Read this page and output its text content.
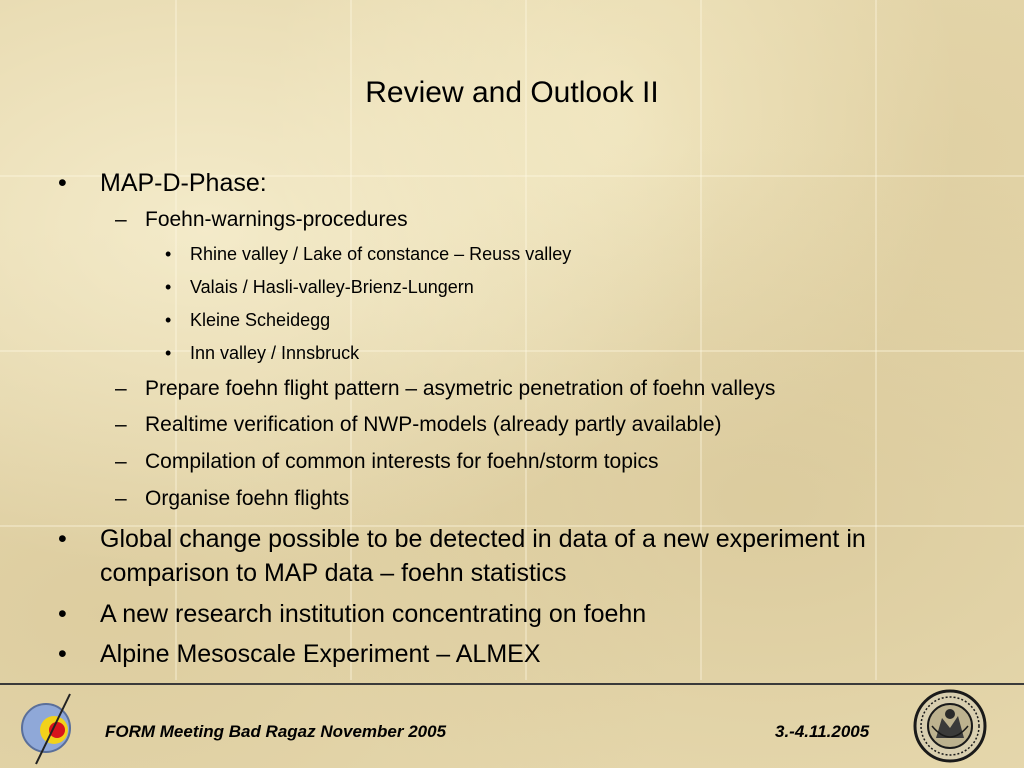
Review and Outlook II
• MAP-D-Phase:
– Foehn-warnings-procedures
• Rhine valley / Lake of constance – Reuss valley
• Valais / Hasli-valley-Brienz-Lungern
• Kleine Scheidegg
• Inn valley / Innsbruck
– Prepare foehn flight pattern – asymetric penetration of foehn valleys
– Realtime verification of NWP-models (already partly available)
– Compilation of common interests for foehn/storm topics
– Organise foehn flights
• Global change possible to be detected in data of a new experiment in comparison to MAP data – foehn statistics
• A new research institution concentrating on foehn
• Alpine Mesoscale Experiment – ALMEX
FORM Meeting Bad Ragaz November 2005	3.-4.11.2005
